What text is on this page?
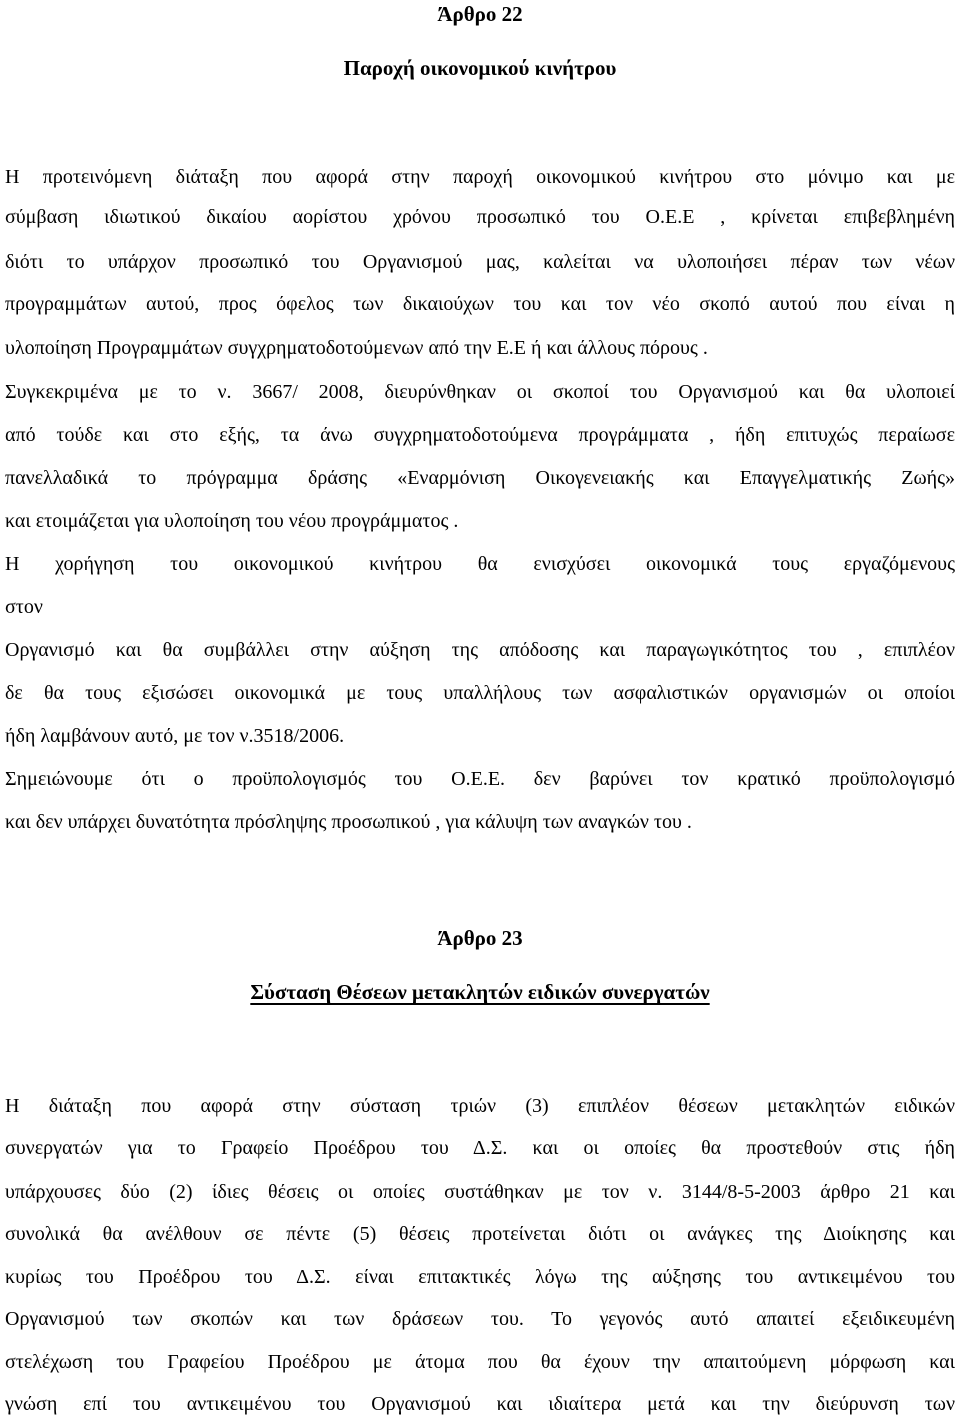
Άρθρο 22
Παροχή οικονομικού κινήτρου
Η προτεινόμενη διάταξη που αφορά στην παροχή οικονομικού κινήτρου στο μόνιμο και με
σύμβαση ιδιωτικού δικαίου αορίστου χρόνου προσωπικό του Ο.Ε.Ε , κρίνεται επιβεβλημένη
διότι το υπάρχον προσωπικό του Οργανισμού μας, καλείται να υλοποιήσει πέραν των νέων
προγραμμάτων αυτού, προς όφελος των δικαιούχων του και τον νέο σκοπό αυτού που είναι η
υλοποίηση Προγραμμάτων συγχρηματοδοτούμενων από την Ε.Ε ή και άλλους πόρους .
Συγκεκριμένα με το ν. 3667/ 2008, διευρύνθηκαν οι σκοποί του Οργανισμού και θα υλοποιεί
από τούδε και στο εξής, τα άνω συγχρηματοδοτούμενα προγράμματα , ήδη επιτυχώς περαίωσε
πανελλαδικά το πρόγραμμα δράσης «Εναρμόνιση Οικογενειακής και Επαγγελματικής Ζωής»
και ετοιμάζεται για υλοποίηση του νέου προγράμματος .
Η χορήγηση του οικονομικού κινήτρου θα ενισχύσει οικονομικά τους εργαζόμενους
στον
Οργανισμό και θα συμβάλλει στην αύξηση της απόδοσης και παραγωγικότητος του , επιπλέον
δε θα τους εξισώσει οικονομικά με τους υπαλλήλους των ασφαλιστικών οργανισμών οι οποίοι
ήδη λαμβάνουν αυτό, με τον ν.3518/2006.
Σημειώνουμε ότι ο προϋπολογισμός του Ο.Ε.Ε. δεν βαρύνει τον κρατικό προϋπολογισμό
και δεν υπάρχει δυνατότητα πρόσληψης προσωπικού , για κάλυψη των αναγκών του .
Άρθρο 23
Σύσταση Θέσεων μετακλητών ειδικών συνεργατών
Η διάταξη που αφορά στην σύσταση τριών (3) επιπλέον θέσεων μετακλητών ειδικών
συνεργατών για το Γραφείο Προέδρου του Δ.Σ. και οι οποίες θα προστεθούν στις ήδη
υπάρχουσες δύο (2) ίδιες θέσεις οι οποίες συστάθηκαν με τον ν. 3144/8-5-2003 άρθρο 21 και
συνολικά θα ανέλθουν σε πέντε (5) θέσεις προτείνεται διότι οι ανάγκες της Διοίκησης και
κυρίως του Προέδρου του Δ.Σ. είναι επιτακτικές λόγω της αύξησης του αντικειμένου του
Οργανισμού των σκοπών και των δράσεων του. Το γεγονός αυτό απαιτεί εξειδικευμένη
στελέχωση του Γραφείου Προέδρου με άτομα που θα έχουν την απαιτούμενη μόρφωση και
γνώση επί του αντικειμένου του Οργανισμού και ιδιαίτερα μετά και την διεύρυνση των
